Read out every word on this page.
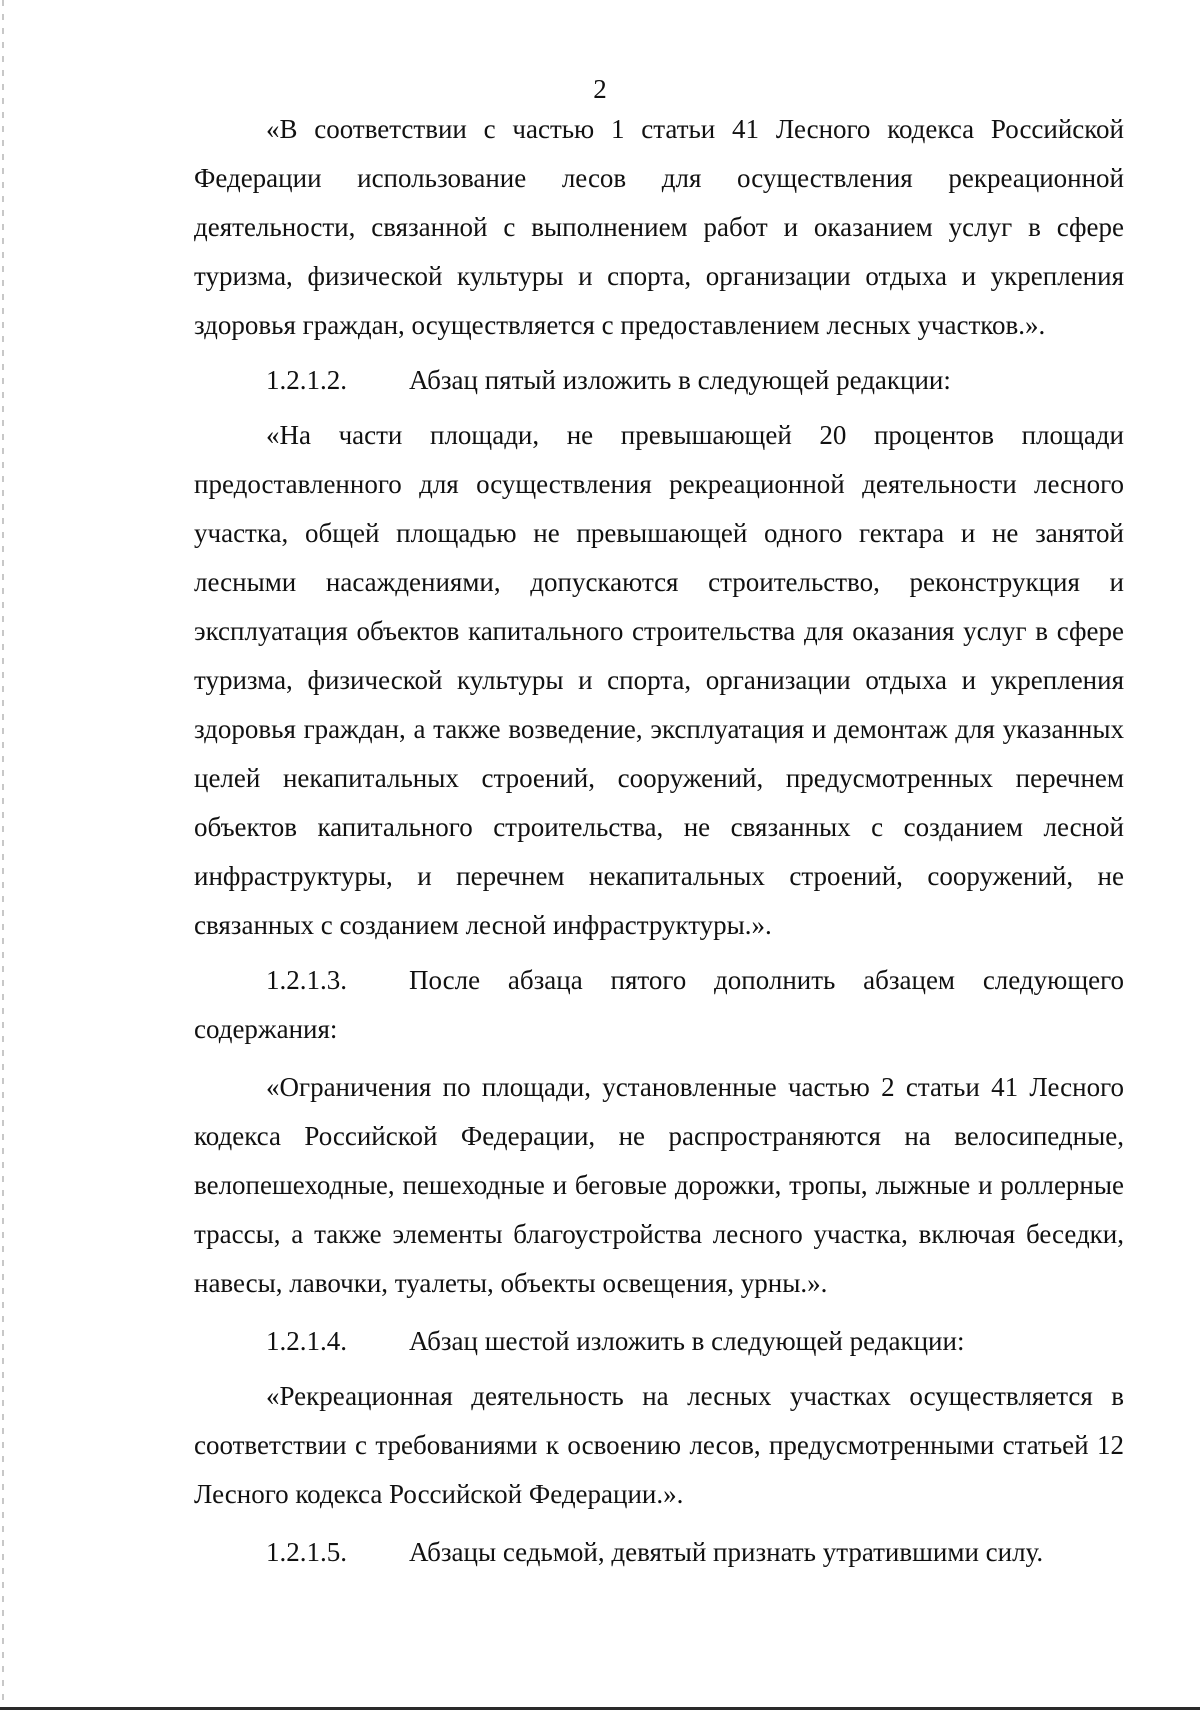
2

«В соответствии с частью 1 статьи 41 Лесного кодекса Российской Федерации использование лесов для осуществления рекреационной деятельности, связанной с выполнением работ и оказанием услуг в сфере туризма, физической культуры и спорта, организации отдыха и укрепления здоровья граждан, осуществляется с предоставлением лесных участков.».

1.2.1.2. Абзац пятый изложить в следующей редакции:

«На части площади, не превышающей 20 процентов площади предоставленного для осуществления рекреационной деятельности лесного участка, общей площадью не превышающей одного гектара и не занятой лесными насаждениями, допускаются строительство, реконструкция и эксплуатация объектов капитального строительства для оказания услуг в сфере туризма, физической культуры и спорта, организации отдыха и укрепления здоровья граждан, а также возведение, эксплуатация и демонтаж для указанных целей некапитальных строений, сооружений, предусмотренных перечнем объектов капитального строительства, не связанных с созданием лесной инфраструктуры, и перечнем некапитальных строений, сооружений, не связанных с созданием лесной инфраструктуры.».

1.2.1.3. После абзаца пятого дополнить абзацем следующего

содержания:

«Ограничения по площади, установленные частью 2 статьи 41 Лесного кодекса Российской Федерации, не распространяются на велосипедные, велопешеходные, пешеходные и беговые дорожки, тропы, лыжные и роллерные трассы, а также элементы благоустройства лесного участка, включая беседки, навесы, лавочки, туалеты, объекты освещения, урны.».

1.2.1.4. Абзац шестой изложить в следующей редакции:

«Рекреационная деятельность на лесных участках осуществляется в соответствии с требованиями к освоению лесов, предусмотренными статьей 12 Лесного кодекса Российской Федерации.».

1.2.1.5. Абзацы седьмой, девятый признать утратившими силу.
